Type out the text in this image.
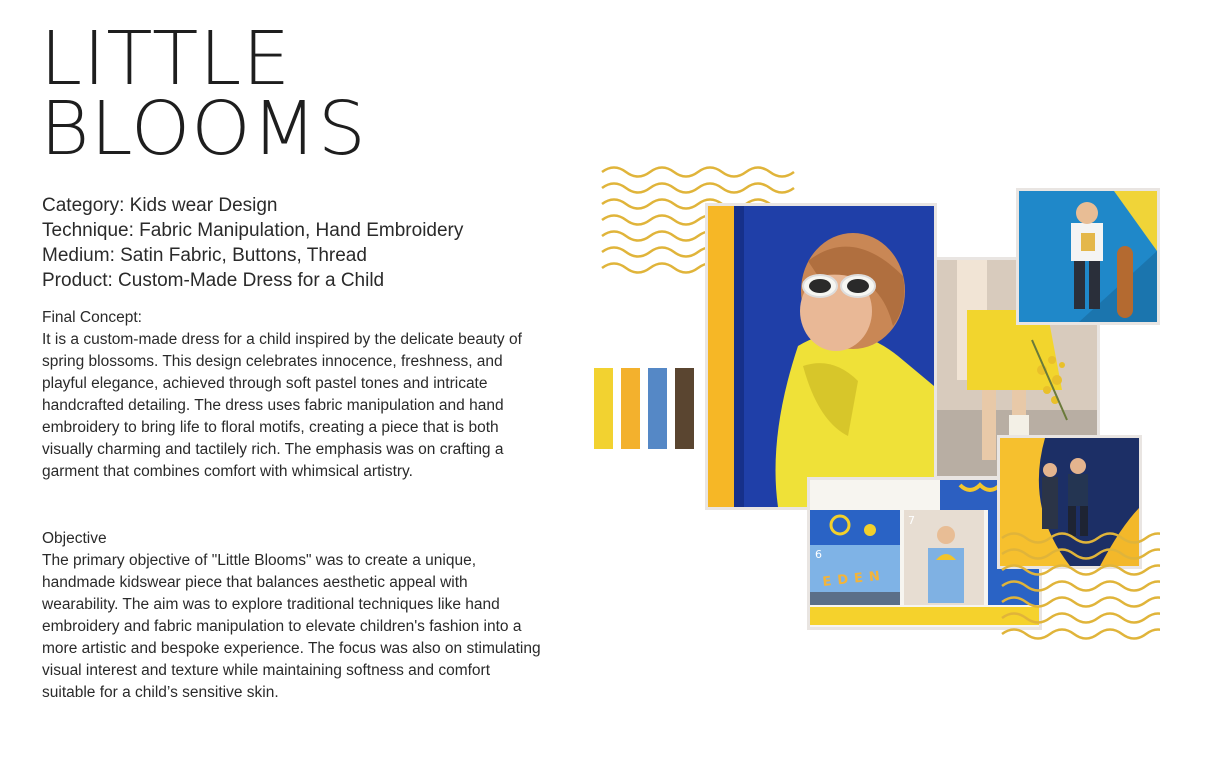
LITTLE
BLOOMS
Category: Kids wear Design
Technique: Fabric Manipulation, Hand Embroidery
Medium: Satin Fabric, Buttons, Thread
Product: Custom-Made Dress for a Child
Final Concept:

It is a custom-made dress for a child inspired by the delicate beauty of spring blossoms. This design celebrates innocence, freshness, and playful elegance, achieved through soft pastel tones and intricate handcrafted detailing. The dress uses fabric manipulation and hand embroidery to bring life to floral motifs, creating a piece that is both visually charming and tactilely rich. The emphasis was on crafting a garment that combines comfort with whimsical artistry.

Objective

The primary objective of "Little Blooms" was to create a unique, handmade kidswear piece that balances aesthetic appeal with wearability. The aim was to explore traditional techniques like hand embroidery and fabric manipulation to elevate children's fashion into a more artistic and bespoke experience. The focus was also on stimulating visual interest and texture while maintaining softness and comfort suitable for a child’s sensitive skin.

6
EDEN
7
